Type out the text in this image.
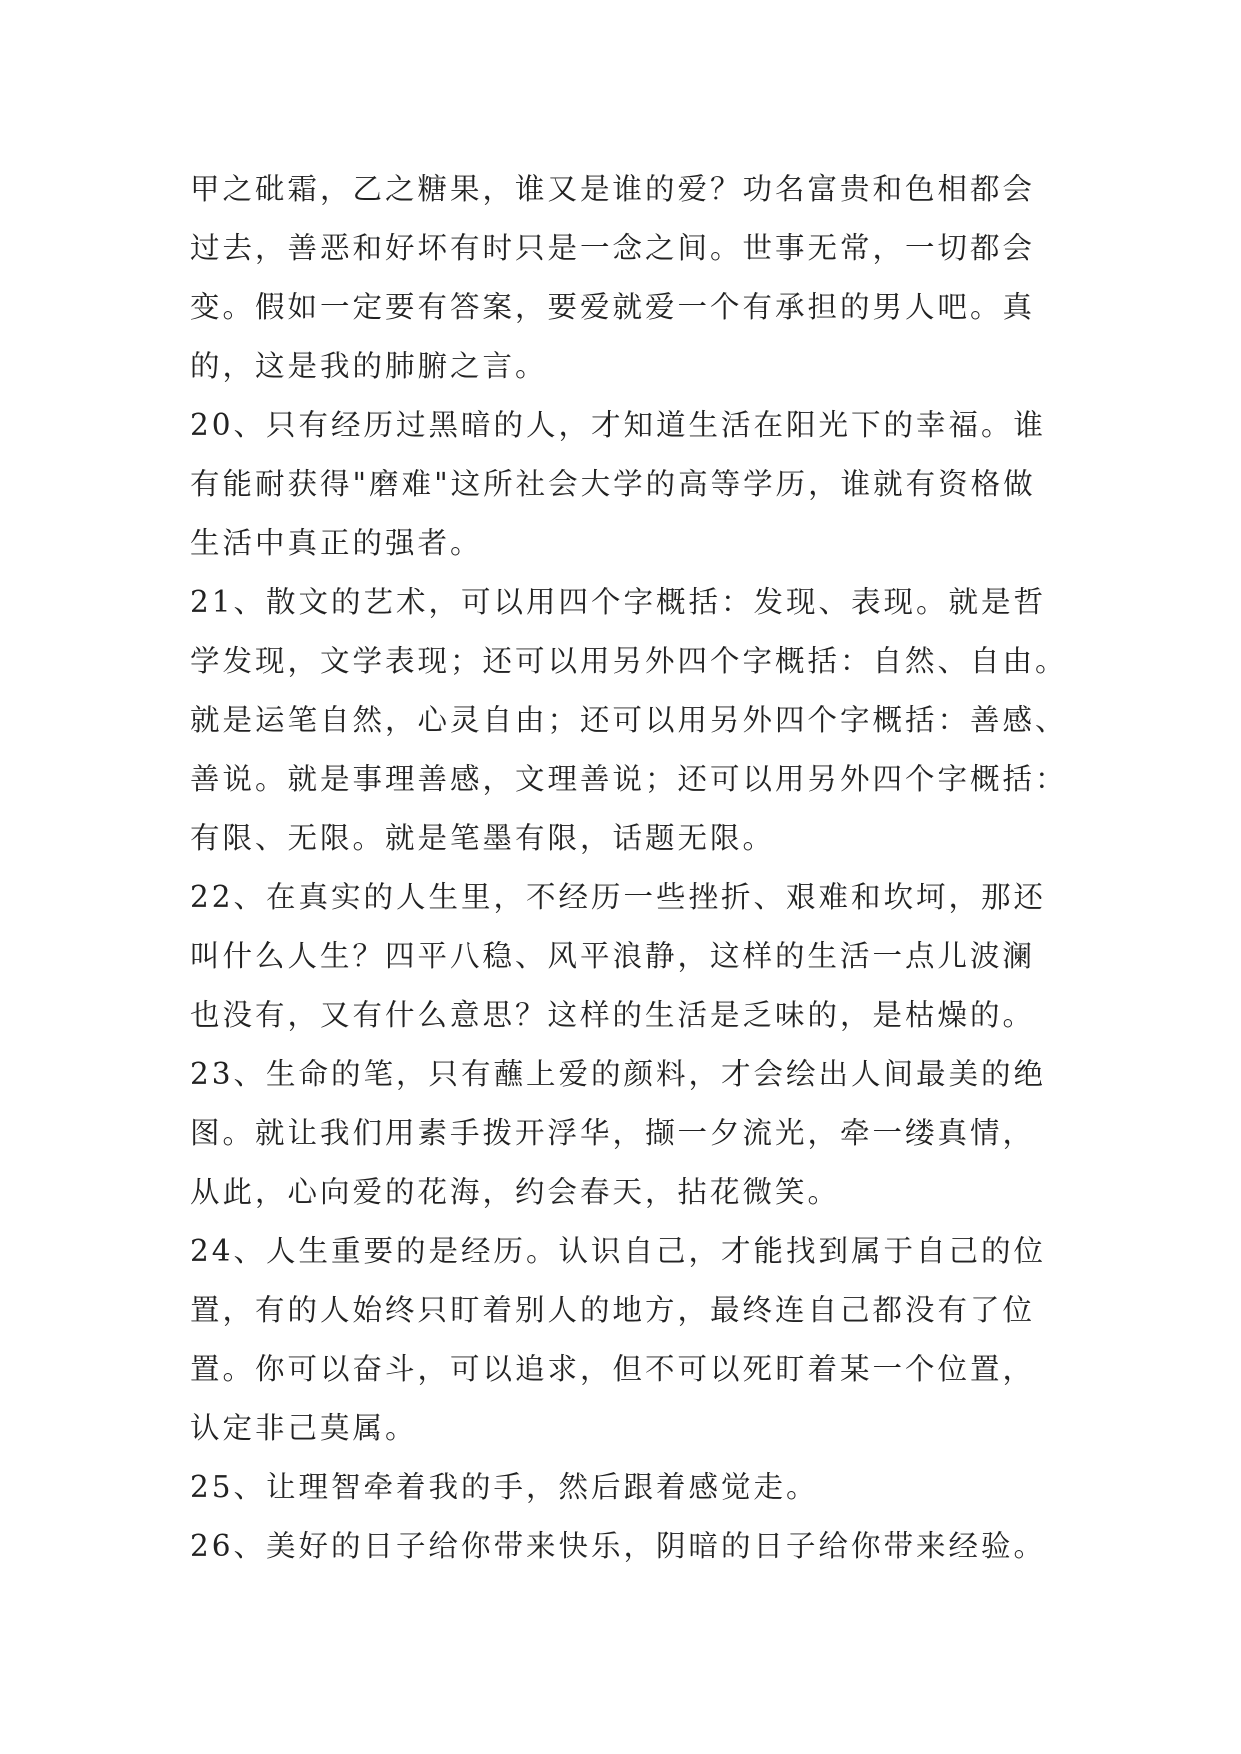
甲之砒霜，乙之糖果，谁又是谁的爱？功名富贵和色相都会
过去，善恶和好坏有时只是一念之间。世事无常，一切都会
变。假如一定要有答案，要爱就爱一个有承担的男人吧。真
的，这是我的肺腑之言。
20、只有经历过黑暗的人，才知道生活在阳光下的幸福。谁
有能耐获得"磨难"这所社会大学的高等学历，谁就有资格做
生活中真正的强者。
21、散文的艺术，可以用四个字概括：发现、表现。就是哲
学发现，文学表现；还可以用另外四个字概括：自然、自由。
就是运笔自然，心灵自由；还可以用另外四个字概括：善感、
善说。就是事理善感，文理善说；还可以用另外四个字概括：
有限、无限。就是笔墨有限，话题无限。
22、在真实的人生里，不经历一些挫折、艰难和坎坷，那还
叫什么人生？四平八稳、风平浪静，这样的生活一点儿波澜
也没有，又有什么意思？这样的生活是乏味的，是枯燥的。
23、生命的笔，只有蘸上爱的颜料，才会绘出人间最美的绝
图。就让我们用素手拨开浮华，撷一夕流光，牵一缕真情，
从此，心向爱的花海，约会春天，拈花微笑。
24、人生重要的是经历。认识自己，才能找到属于自己的位
置，有的人始终只盯着别人的地方，最终连自己都没有了位
置。你可以奋斗，可以追求，但不可以死盯着某一个位置，
认定非己莫属。
25、让理智牵着我的手，然后跟着感觉走。
26、美好的日子给你带来快乐，阴暗的日子给你带来经验。
